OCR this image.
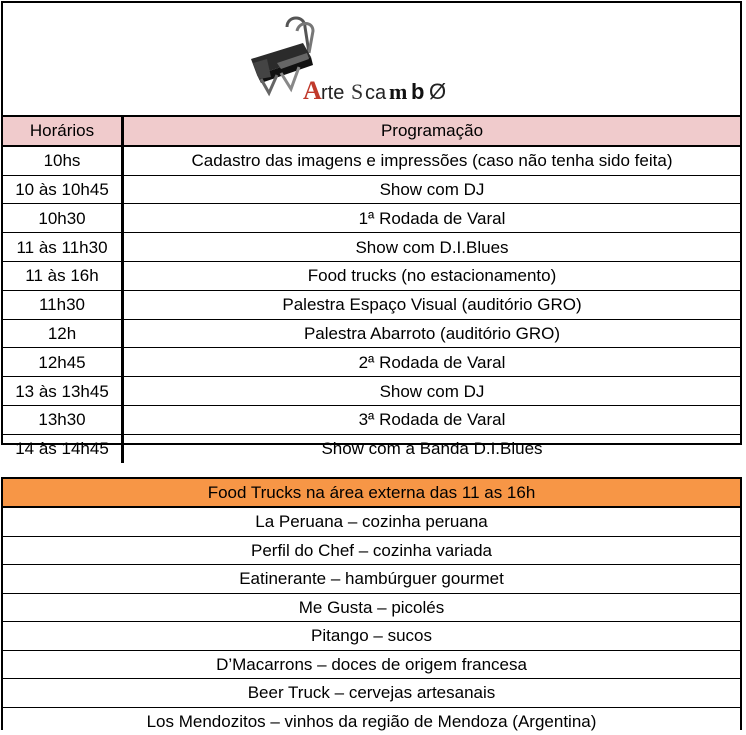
A rte S ca m b Ø
Horários	Programação
10hs	Cadastro das imagens e impressões (caso não tenha sido feita)
10 às 10h45	Show com DJ
10h30	1ª Rodada de Varal
11 às 11h30	Show com D.I.Blues
11 às 16h	Food trucks (no estacionamento)
11h30	Palestra Espaço Visual (auditório GRO)
12h	Palestra Abarroto (auditório GRO)
12h45	2ª Rodada de Varal
13 às 13h45	Show com DJ
13h30	3ª Rodada de Varal
14 às 14h45	Show com a Banda D.I.Blues
Food Trucks na área externa das 11 as 16h
La Peruana – cozinha peruana
Perfil do Chef – cozinha variada
Eatinerante – hambúrguer gourmet
Me Gusta – picolés
Pitango – sucos
D’Macarrons – doces de origem francesa
Beer Truck – cervejas artesanais
Los Mendozitos – vinhos da região de Mendoza (Argentina)
